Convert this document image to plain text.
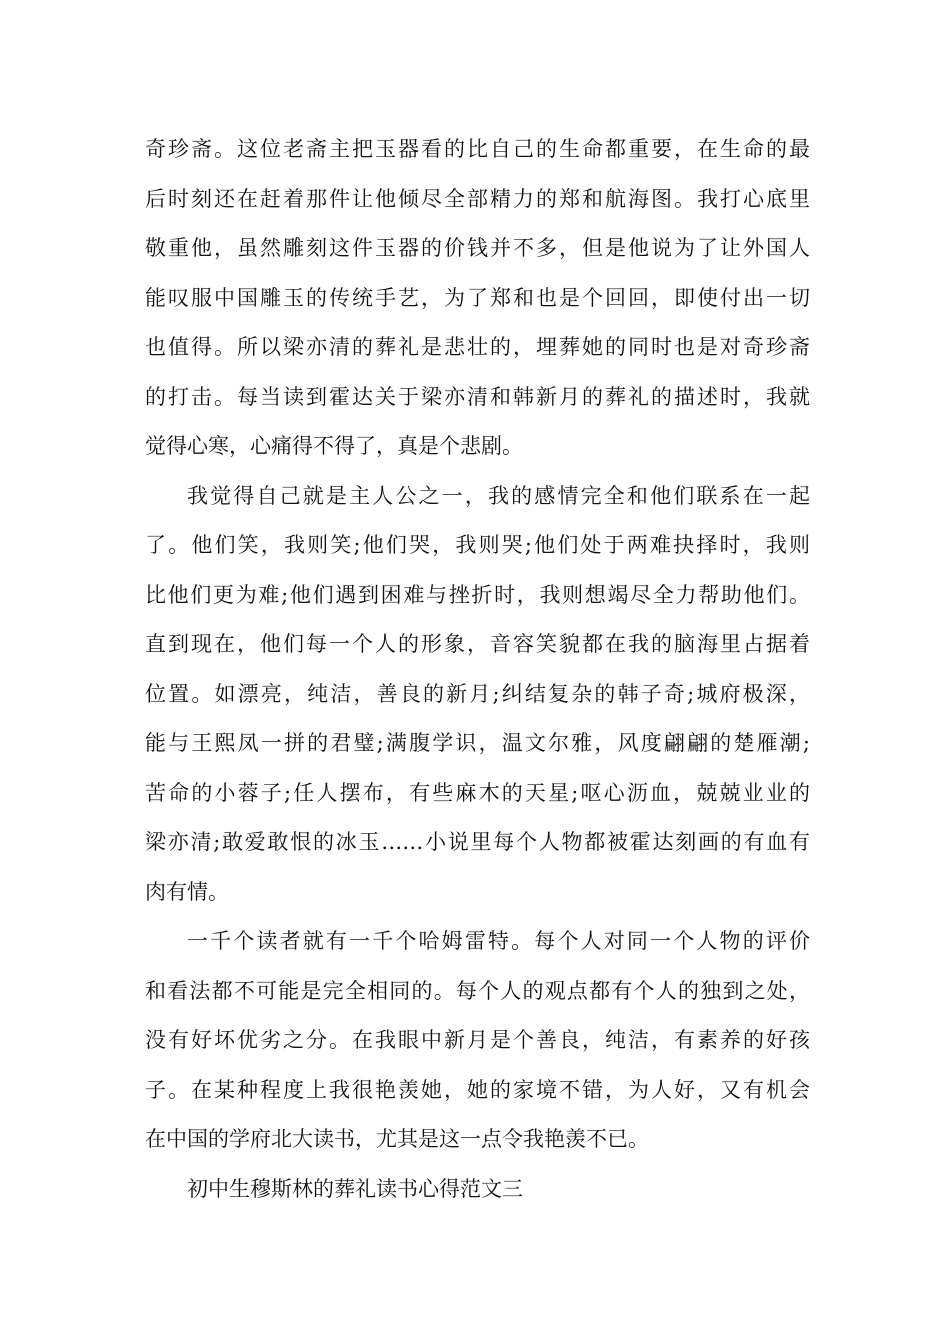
奇珍斋。这位老斋主把玉器看的比自己的生命都重要，在生命的最
后时刻还在赶着那件让他倾尽全部精力的郑和航海图。我打心底里
敬重他，虽然雕刻这件玉器的价钱并不多，但是他说为了让外国人
能叹服中国雕玉的传统手艺，为了郑和也是个回回，即使付出一切
也值得。所以梁亦清的葬礼是悲壮的，埋葬她的同时也是对奇珍斋
的打击。每当读到霍达关于梁亦清和韩新月的葬礼的描述时，我就
觉得心寒，心痛得不得了，真是个悲剧。
我觉得自己就是主人公之一，我的感情完全和他们联系在一起
了。他们笑，我则笑;他们哭，我则哭;他们处于两难抉择时，我则
比他们更为难;他们遇到困难与挫折时，我则想竭尽全力帮助他们。
直到现在，他们每一个人的形象，音容笑貌都在我的脑海里占据着
位置。如漂亮，纯洁，善良的新月;纠结复杂的韩子奇;城府极深，
能与王熙凤一拼的君璧;满腹学识，温文尔雅，风度翩翩的楚雁潮;
苦命的小蓉子;任人摆布，有些麻木的天星;呕心沥血，兢兢业业的
梁亦清;敢爱敢恨的冰玉……小说里每个人物都被霍达刻画的有血有
肉有情。
一千个读者就有一千个哈姆雷特。每个人对同一个人物的评价
和看法都不可能是完全相同的。每个人的观点都有个人的独到之处，
没有好坏优劣之分。在我眼中新月是个善良，纯洁，有素养的好孩
子。在某种程度上我很艳羡她，她的家境不错，为人好，又有机会
在中国的学府北大读书，尤其是这一点令我艳羡不已。
初中生穆斯林的葬礼读书心得范文三
